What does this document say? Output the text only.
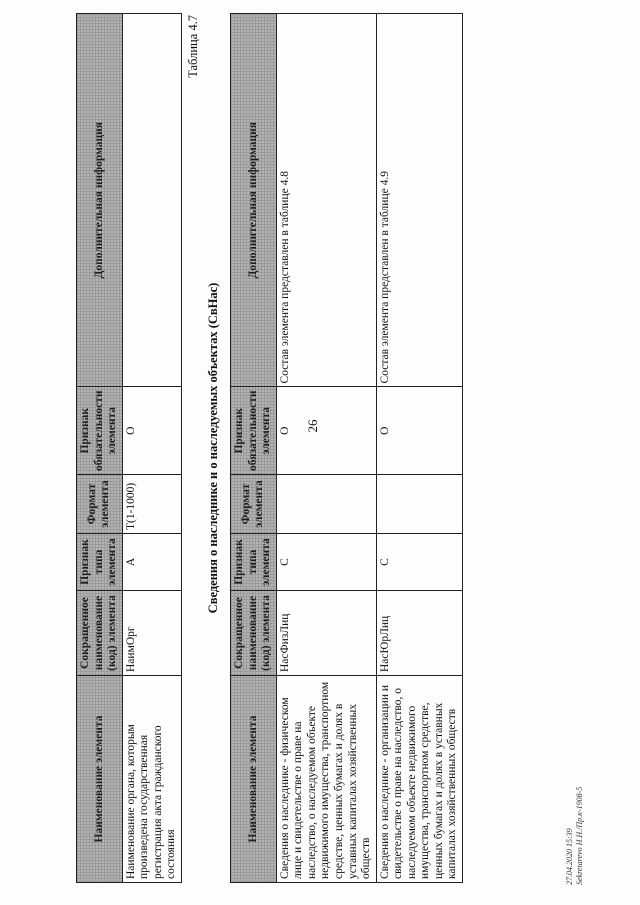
26
Наименование элемента	Сокращенное наименование (код) элемента	Признак типа элемента	Формат элемента	Признак обязательности элемента	Дополнительная информация
Наименование органа, которым произведена государственная регистрация акта гражданского состояния	НаимОрг	А	T(1-1000)	О	
Таблица 4.7
Сведения о наследнике и о наследуемых объектах (СвНас)
Наименование элемента	Сокращенное наименование (код) элемента	Признак типа элемента	Формат элемента	Признак обязательности элемента	Дополнительная информация
Сведения о наследнике - физическом лице и свидетельстве о праве на наследство, о наследуемом объекте недвижимого имущества, транспортном средстве, ценных бумагах и долях в уставных капиталах хозяйственных обществ	НасФизЛиц	С		О	Состав элемента представлен в таблице 4.8
Сведения о наследнике - организации и свидетельстве о праве на наследство, о наследуемом объекте недвижимого имущества, транспортном средстве, ценных бумагах и долях в уставных капиталах хозяйственных обществ	НасЮрЛиц	С		О	Состав элемента представлен в таблице 4.9
27.04.2020 15:39 Sekretarevo H.H./Пр.к-1908-5
